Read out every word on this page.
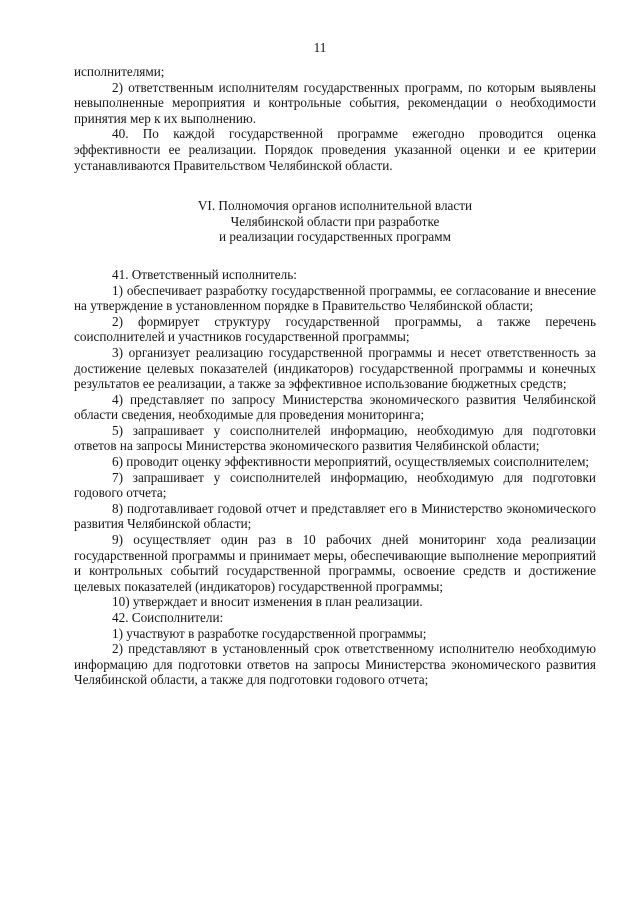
11

исполнителями;

2) ответственным исполнителям государственных программ, по которым выявлены невыполненные мероприятия и контрольные события, рекомендации о необходимости принятия мер к их выполнению.

40. По каждой государственной программе ежегодно проводится оценка эффективности ее реализации. Порядок проведения указанной оценки и ее критерии устанавливаются Правительством Челябинской области.

VI. Полномочия органов исполнительной власти
Челябинской области при разработке
и реализации государственных программ

41. Ответственный исполнитель:

1) обеспечивает разработку государственной программы, ее согласование и внесение на утверждение в установленном порядке в Правительство Челябинской области;

2) формирует структуру государственной программы, а также перечень соисполнителей и участников государственной программы;

3) организует реализацию государственной программы и несет ответственность за достижение целевых показателей (индикаторов) государственной программы и конечных результатов ее реализации, а также за эффективное использование бюджетных средств;

4) представляет по запросу Министерства экономического развития Челябинской области сведения, необходимые для проведения мониторинга;

5) запрашивает у соисполнителей информацию, необходимую для подготовки ответов на запросы Министерства экономического развития Челябинской области;

6) проводит оценку эффективности мероприятий, осуществляемых соисполнителем;

7) запрашивает у соисполнителей информацию, необходимую для подготовки годового отчета;

8) подготавливает годовой отчет и представляет его в Министерство экономического развития Челябинской области;

9) осуществляет один раз в 10 рабочих дней мониторинг хода реализации государственной программы и принимает меры, обеспечивающие выполнение мероприятий и контрольных событий государственной программы, освоение средств и достижение целевых показателей (индикаторов) государственной программы;

10) утверждает и вносит изменения в план реализации.

42. Соисполнители:

1) участвуют в разработке государственной программы;

2) представляют в установленный срок ответственному исполнителю необходимую информацию для подготовки ответов на запросы Министерства экономического развития Челябинской области, а также для подготовки годового отчета;
